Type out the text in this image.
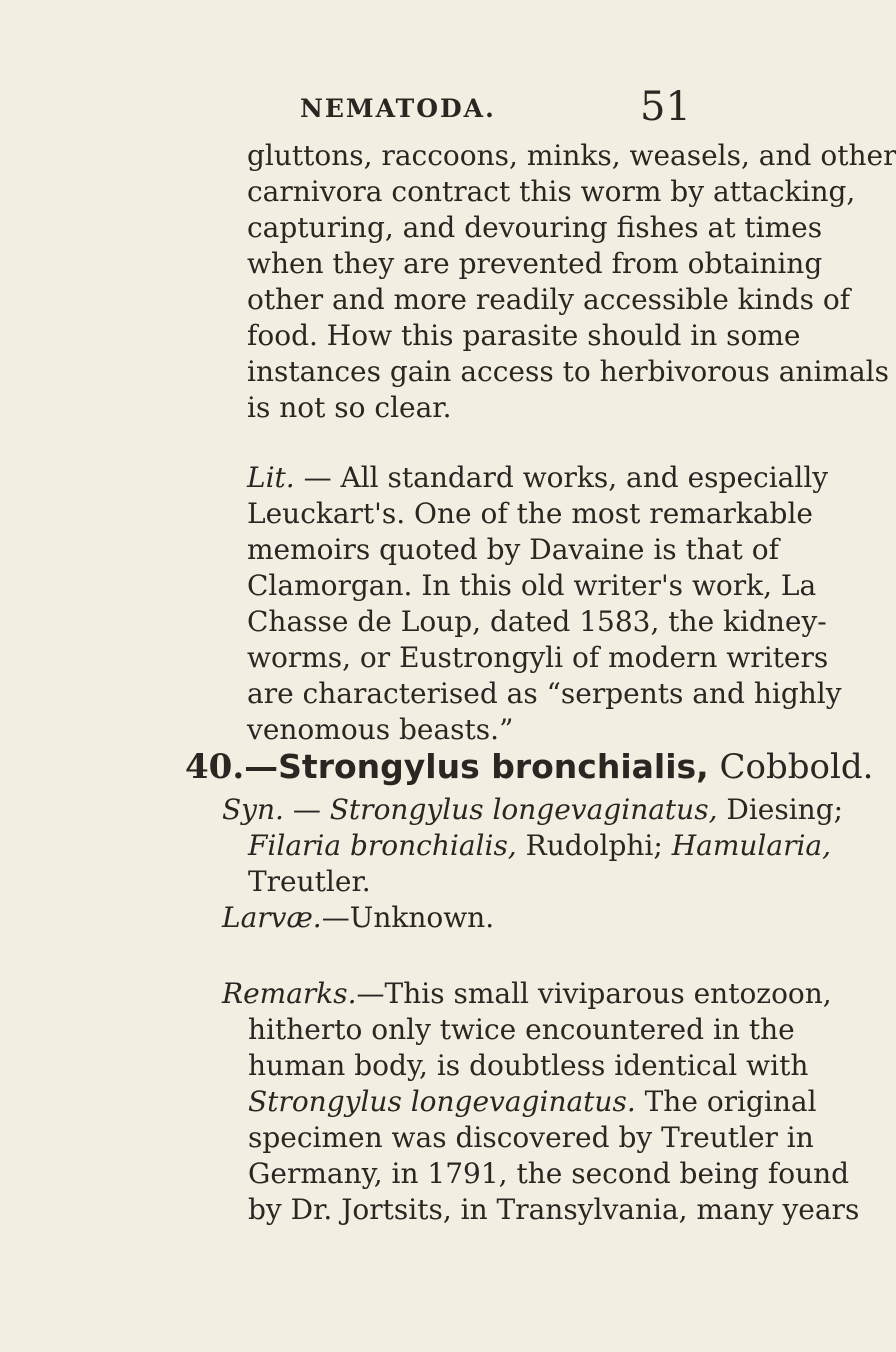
NEMATODA.	51
gluttons, raccoons, minks, weasels, and other
carnivora contract this worm by attacking,
capturing, and devouring fishes at times
when they are prevented from obtaining
other and more readily accessible kinds of
food. How this parasite should in some
instances gain access to herbivorous animals
is not so clear.
Lit. — All standard works, and especially
Leuckart's. One of the most remarkable
memoirs quoted by Davaine is that of
Clamorgan. In this old writer's work, La
Chasse de Loup, dated 1583, the kidney-
worms, or Eustrongyli of modern writers
are characterised as “serpents and highly
venomous beasts.”
40.—Strongylus bronchialis, Cobbold.
Syn. — Strongylus longevaginatus, Diesing;
Filaria bronchialis, Rudolphi; Hamularia,
Treutler.
Larvæ.—Unknown.
Remarks.—This small viviparous entozoon,
hitherto only twice encountered in the
human body, is doubtless identical with
Strongylus longevaginatus. The original
specimen was discovered by Treutler in
Germany, in 1791, the second being found
by Dr. Jortsits, in Transylvania, many years
